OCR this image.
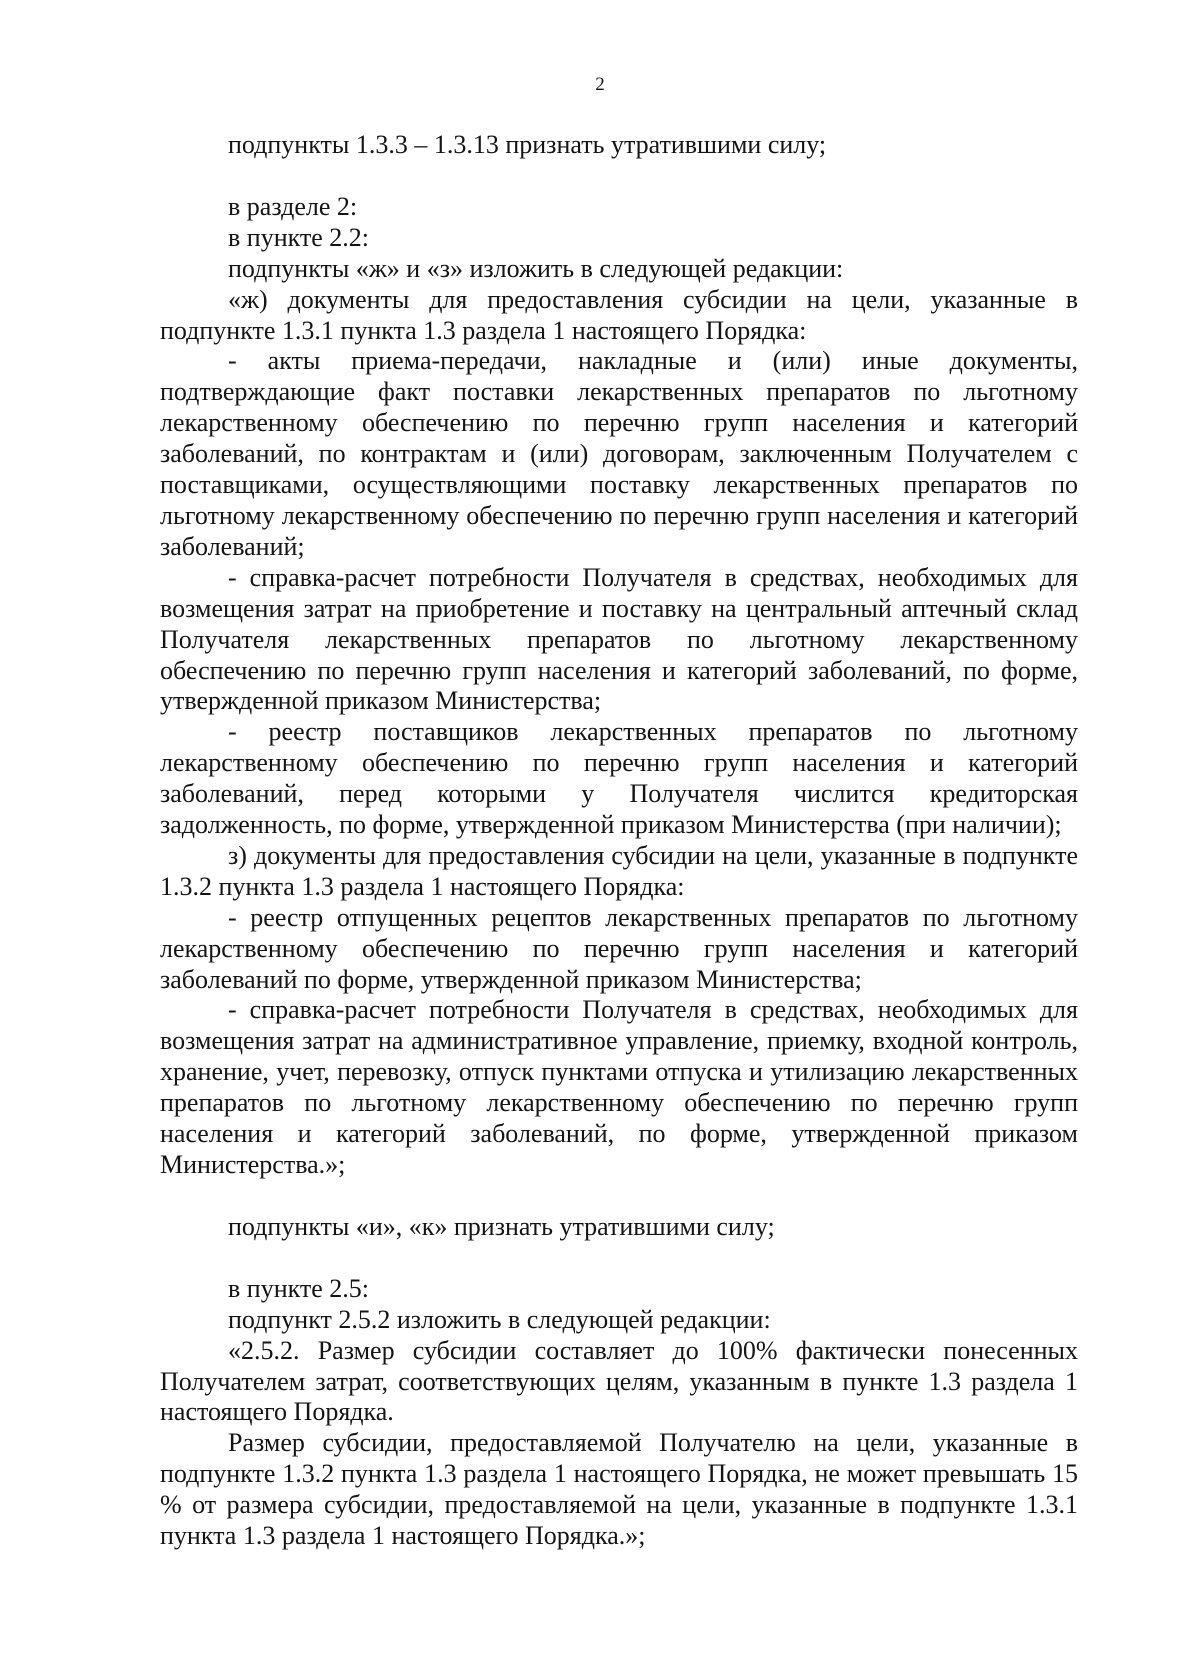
2

подпункты 1.3.3 – 1.3.13 признать утратившими силу;

в разделе 2:

в пункте 2.2:

подпункты «ж» и «з» изложить в следующей редакции:

«ж) документы для предоставления субсидии на цели, указанные в подпункте 1.3.1 пункта 1.3 раздела 1 настоящего Порядка:

- акты приема-передачи, накладные и (или) иные документы, подтверждающие факт поставки лекарственных препаратов по льготному лекарственному обеспечению по перечню групп населения и категорий заболеваний, по контрактам и (или) договорам, заключенным Получателем с поставщиками, осуществляющими поставку лекарственных препаратов по льготному лекарственному обеспечению по перечню групп населения и категорий заболеваний;

- справка-расчет потребности Получателя в средствах, необходимых для возмещения затрат на приобретение и поставку на центральный аптечный склад Получателя лекарственных препаратов по льготному лекарственному обеспечению по перечню групп населения и категорий заболеваний, по форме, утвержденной приказом Министерства;

- реестр поставщиков лекарственных препаратов по льготному лекарственному обеспечению по перечню групп населения и категорий заболеваний, перед которыми у Получателя числится кредиторская задолженность, по форме, утвержденной приказом Министерства (при наличии);

з) документы для предоставления субсидии на цели, указанные в подпункте 1.3.2 пункта 1.3 раздела 1 настоящего Порядка:

- реестр отпущенных рецептов лекарственных препаратов по льготному лекарственному обеспечению по перечню групп населения и категорий заболеваний по форме, утвержденной приказом Министерства;

- справка-расчет потребности Получателя в средствах, необходимых для возмещения затрат на административное управление, приемку, входной контроль, хранение, учет, перевозку, отпуск пунктами отпуска и утилизацию лекарственных препаратов по льготному лекарственному обеспечению по перечню групп населения и категорий заболеваний, по форме, утвержденной приказом Министерства.»;

подпункты «и», «к» признать утратившими силу;

в пункте 2.5:

подпункт 2.5.2 изложить в следующей редакции:

«2.5.2. Размер субсидии составляет до 100% фактически понесенных Получателем затрат, соответствующих целям, указанным в пункте 1.3 раздела 1 настоящего Порядка.

Размер субсидии, предоставляемой Получателю на цели, указанные в подпункте 1.3.2 пункта 1.3 раздела 1 настоящего Порядка, не может превышать 15 % от размера субсидии, предоставляемой на цели, указанные в подпункте 1.3.1 пункта 1.3 раздела 1 настоящего Порядка.»;
